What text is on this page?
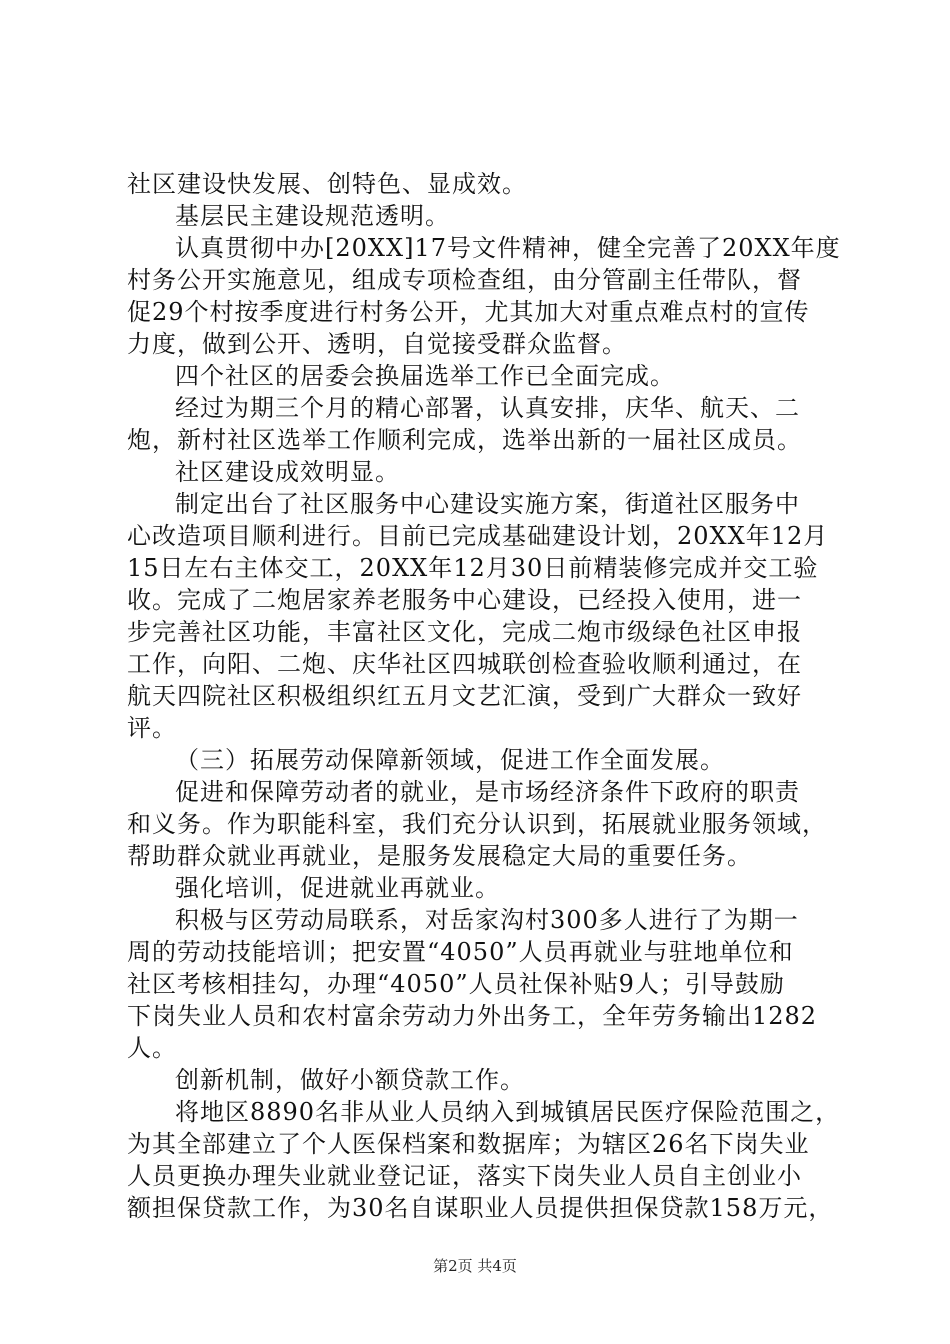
社区建设快发展、创特色、显成效。
基层民主建设规范透明。
认真贯彻中办[20XX]17号文件精神，健全完善了20XX年度
村务公开实施意见，组成专项检查组，由分管副主任带队，督
促29个村按季度进行村务公开，尤其加大对重点难点村的宣传
力度，做到公开、透明，自觉接受群众监督。
四个社区的居委会换届选举工作已全面完成。
经过为期三个月的精心部署，认真安排，庆华、航天、二
炮，新村社区选举工作顺利完成，选举出新的一届社区成员。
社区建设成效明显。
制定出台了社区服务中心建设实施方案，街道社区服务中
心改造项目顺利进行。目前已完成基础建设计划，20XX年12月
15日左右主体交工，20XX年12月30日前精装修完成并交工验
收。完成了二炮居家养老服务中心建设，已经投入使用，进一
步完善社区功能，丰富社区文化，完成二炮市级绿色社区申报
工作，向阳、二炮、庆华社区四城联创检查验收顺利通过，在
航天四院社区积极组织红五月文艺汇演，受到广大群众一致好
评。
（三）拓展劳动保障新领域，促进工作全面发展。
促进和保障劳动者的就业，是市场经济条件下政府的职责
和义务。作为职能科室，我们充分认识到，拓展就业服务领域，
帮助群众就业再就业，是服务发展稳定大局的重要任务。
强化培训，促进就业再就业。
积极与区劳动局联系，对岳家沟村300多人进行了为期一
周的劳动技能培训；把安置“4050”人员再就业与驻地单位和
社区考核相挂勾，办理“4050”人员社保补贴9人；引导鼓励
下岗失业人员和农村富余劳动力外出务工，全年劳务输出1282
人。
创新机制，做好小额贷款工作。
将地区8890名非从业人员纳入到城镇居民医疗保险范围之，
为其全部建立了个人医保档案和数据库；为辖区26名下岗失业
人员更换办理失业就业登记证，落实下岗失业人员自主创业小
额担保贷款工作，为30名自谋职业人员提供担保贷款158万元，
第2页 共4页
